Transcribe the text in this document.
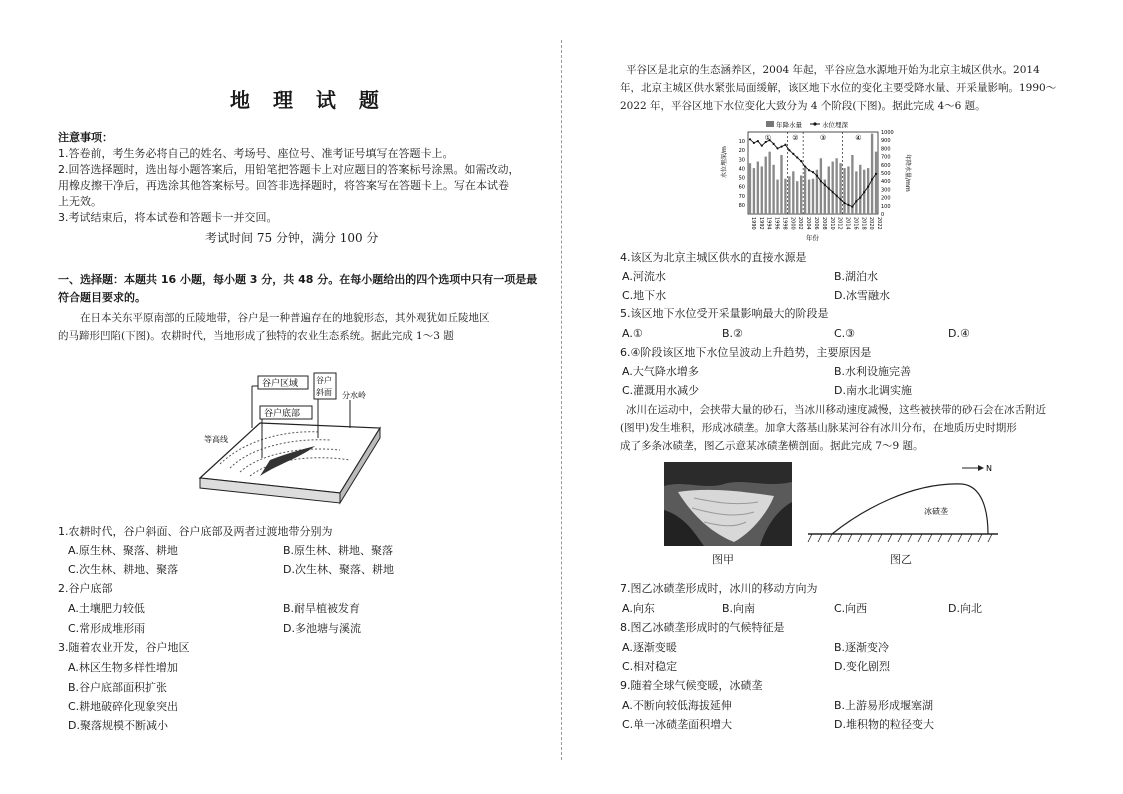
地 理 试 题
注意事项：
1.答卷前，考生务必将自己的姓名、考场号、座位号、准考证号填写在答题卡上。
2.回答选择题时，选出每小题答案后，用铅笔把答题卡上对应题目的答案标号涂黑。如需改动，
用橡皮擦干净后，再选涂其他答案标号。回答非选择题时，将答案写在答题卡上。写在本试卷
上无效。
3.考试结束后，将本试卷和答题卡一并交回。
考试时间 75 分钟，满分 100 分
一、选择题：本题共 16 小题，每小题 3 分，共 48 分。在每小题给出的四个选项中只有一项是最
符合题目要求的。
在日本关东平原南部的丘陵地带，谷户是一种普遍存在的地貌形态，其外观犹如丘陵地区
的马蹄形凹陷(下图)。农耕时代，当地形成了独特的农业生态系统。据此完成 1～3 题
谷户区域 谷户
斜面
谷户底部
分水岭
等高线
1.农耕时代，谷户斜面、谷户底部及两者过渡地带分别为
A.原生林、聚落、耕地	B.原生林、耕地、聚落
C.次生林、耕地、聚落	D.次生林、聚落、耕地
2.谷户底部
A.土壤肥力较低	B.耐旱植被发育
C.常形成堆形雨	D.多池塘与溪流
3.随着农业开发，谷户地区
A.林区生物多样性增加
B.谷户底部面积扩张
C.耕地破碎化现象突出
D.聚落规模不断减小
平谷区是北京的生态涵养区，2004 年起，平谷应急水源地开始为北京主城区供水。2014
年，北京主城区供水紧张局面缓解，该区地下水位的变化主要受降水量、开采量影响。1990～
2022 年，平谷区地下水位变化大致分为 4 个阶段(下图)。据此完成 4～6 题。
①	②	③	④
80
70
60
50
40
30
20
10
1000
900
800
700
600
500
400
300
200
100
0
1990 1992 1994 1996 1998 2000 2002 2004 2006 2008 2010 2012 2014 2016 2018 2020 2022
年降水量	水位埋深
水位埋深/m	年降水量/mm
年份
4.该区为北京主城区供水的直接水源是
A.河流水	B.湖泊水
C.地下水	D.冰雪融水
5.该区地下水位受开采量影响最大的阶段是
A.①	B.②	C.③	D.④
6.④阶段该区地下水位呈波动上升趋势，主要原因是
A.大气降水增多	B.水利设施完善
C.灌溉用水减少	D.南水北调实施
冰川在运动中，会挟带大量的砂石，当冰川移动速度减慢，这些被挟带的砂石会在冰舌附近
(图甲)发生堆积，形成冰碛垄。加拿大落基山脉某河谷有冰川分布，在地质历史时期形
成了多条冰碛垄，图乙示意某冰碛垄横剖面。据此完成 7～9 题。
图甲
N
冰碛垄
图乙
7.图乙冰碛垄形成时，冰川的移动方向为
A.向东	B.向南	C.向西	D.向北
8.图乙冰碛垄形成时的气候特征是
A.逐渐变暖	B.逐渐变冷
C.相对稳定	D.变化剧烈
9.随着全球气候变暖，冰碛垄
A.不断向较低海拔延伸	B.上游易形成堰塞湖
C.单一冰碛垄面积增大	D.堆积物的粒径变大
